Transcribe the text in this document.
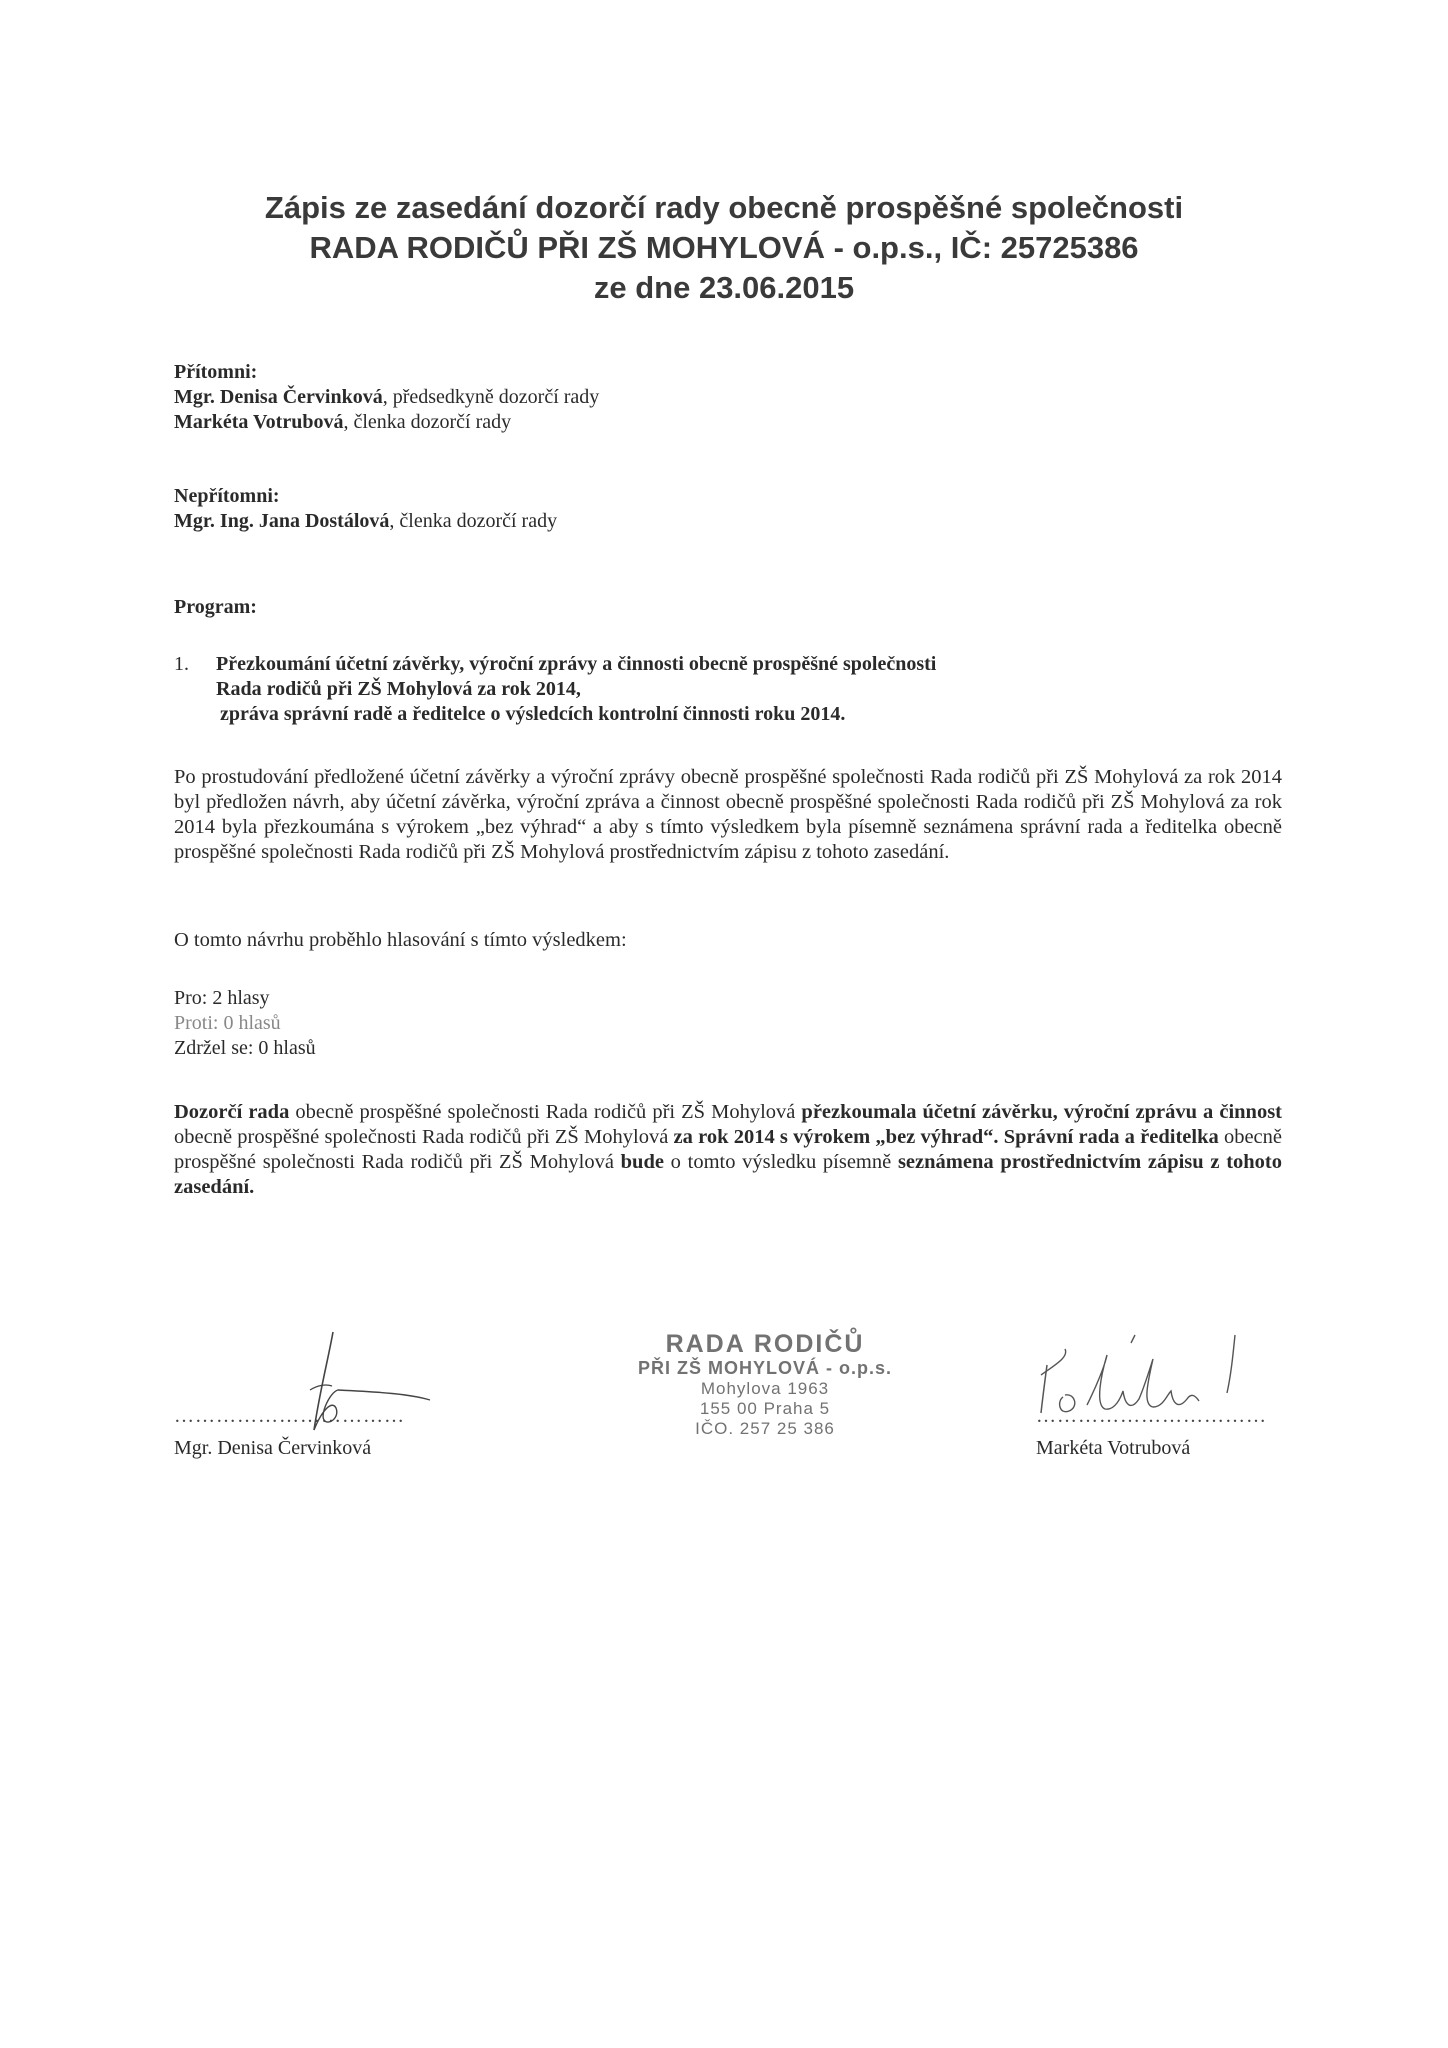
Zápis ze zasedání dozorčí rady obecně prospěšné společnosti
RADA RODIČŮ PŘI ZŠ MOHYLOVÁ - o.p.s., IČ: 25725386
ze dne 23.06.2015
Přítomni:
Mgr. Denisa Červinková, předsedkyně dozorčí rady
Markéta Votrubová, členka dozorčí rady
Nepřítomni:
Mgr. Ing. Jana Dostálová, členka dozorčí rady
Program:
1. Přezkoumání účetní závěrky, výroční zprávy a činnosti obecně prospěšné společnosti
Rada rodičů při ZŠ Mohylová za rok 2014,
zpráva správní radě a ředitelce o výsledcích kontrolní činnosti roku 2014.
Po prostudování předložené účetní závěrky a výroční zprávy obecně prospěšné společnosti Rada rodičů při ZŠ Mohylová za rok 2014 byl předložen návrh, aby účetní závěrka, výroční zpráva a činnost obecně prospěšné společnosti Rada rodičů při ZŠ Mohylová za rok 2014 byla přezkoumána s výrokem „bez výhrad“ a aby s tímto výsledkem byla písemně seznámena správní rada a ředitelka obecně prospěšné společnosti Rada rodičů při ZŠ Mohylová prostřednictvím zápisu z tohoto zasedání.
O tomto návrhu proběhlo hlasování s tímto výsledkem:
Pro: 2 hlasy
Proti: 0 hlasů
Zdržel se: 0 hlasů
Dozorčí rada obecně prospěšné společnosti Rada rodičů při ZŠ Mohylová přezkoumala účetní závěrku, výroční zprávu a činnost obecně prospěšné společnosti Rada rodičů při ZŠ Mohylová za rok 2014 s výrokem „bez výhrad“. Správní rada a ředitelka obecně prospěšné společnosti Rada rodičů při ZŠ Mohylová bude o tomto výsledku písemně seznámena prostřednictvím zápisu z tohoto zasedání.
……………………………
Mgr. Denisa Červinková
RADA RODIČŮ
PŘI ZŠ MOHYLOVÁ - o.p.s.
Mohylova 1963
155 00 Praha 5
IČO. 257 25 386
……………………………
Markéta Votrubová
